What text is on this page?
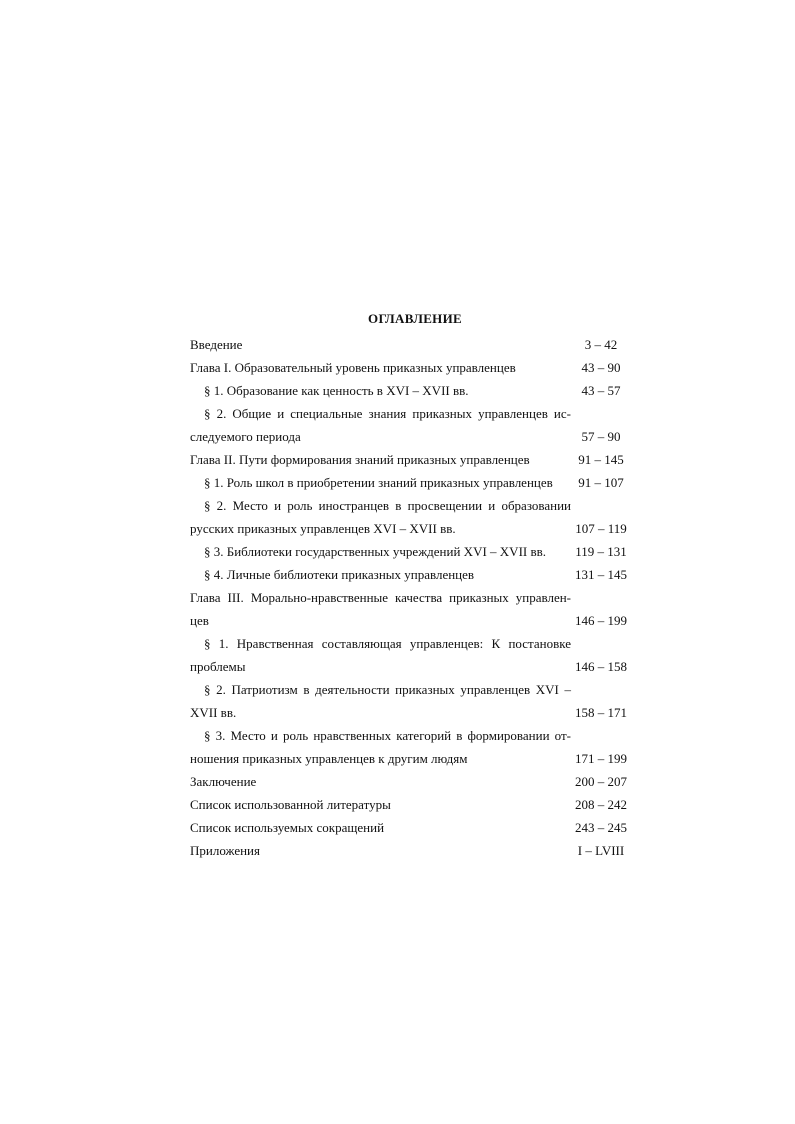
ОГЛАВЛЕНИЕ
Введение	3 – 42
Глава I. Образовательный уровень приказных управленцев	43 – 90
§ 1. Образование как ценность в XVI – XVII вв.	43 – 57
§ 2. Общие и специальные знания приказных управленцев ис-
следуемого периода	57 – 90
Глава II. Пути формирования знаний приказных управленцев	91 – 145
§ 1. Роль школ в приобретении знаний приказных управленцев	91 – 107
§ 2. Место и роль иностранцев в просвещении и образовании
русских приказных управленцев XVI – XVII вв.	107 – 119
§ 3. Библиотеки государственных учреждений XVI – XVII вв.	119 – 131
§ 4. Личные библиотеки приказных управленцев	131 – 145
Глава III. Морально-нравственные качества приказных управлен-
цев	146 – 199
§ 1. Нравственная составляющая управленцев: К постановке
проблемы	146 – 158
§ 2. Патриотизм в деятельности приказных управленцев XVI –
XVII вв.	158 – 171
§ 3. Место и роль нравственных категорий в формировании от-
ношения приказных управленцев к другим людям	171 – 199
Заключение	200 – 207
Список использованной литературы	208 – 242
Список используемых сокращений	243 – 245
Приложения	I – LVIII
